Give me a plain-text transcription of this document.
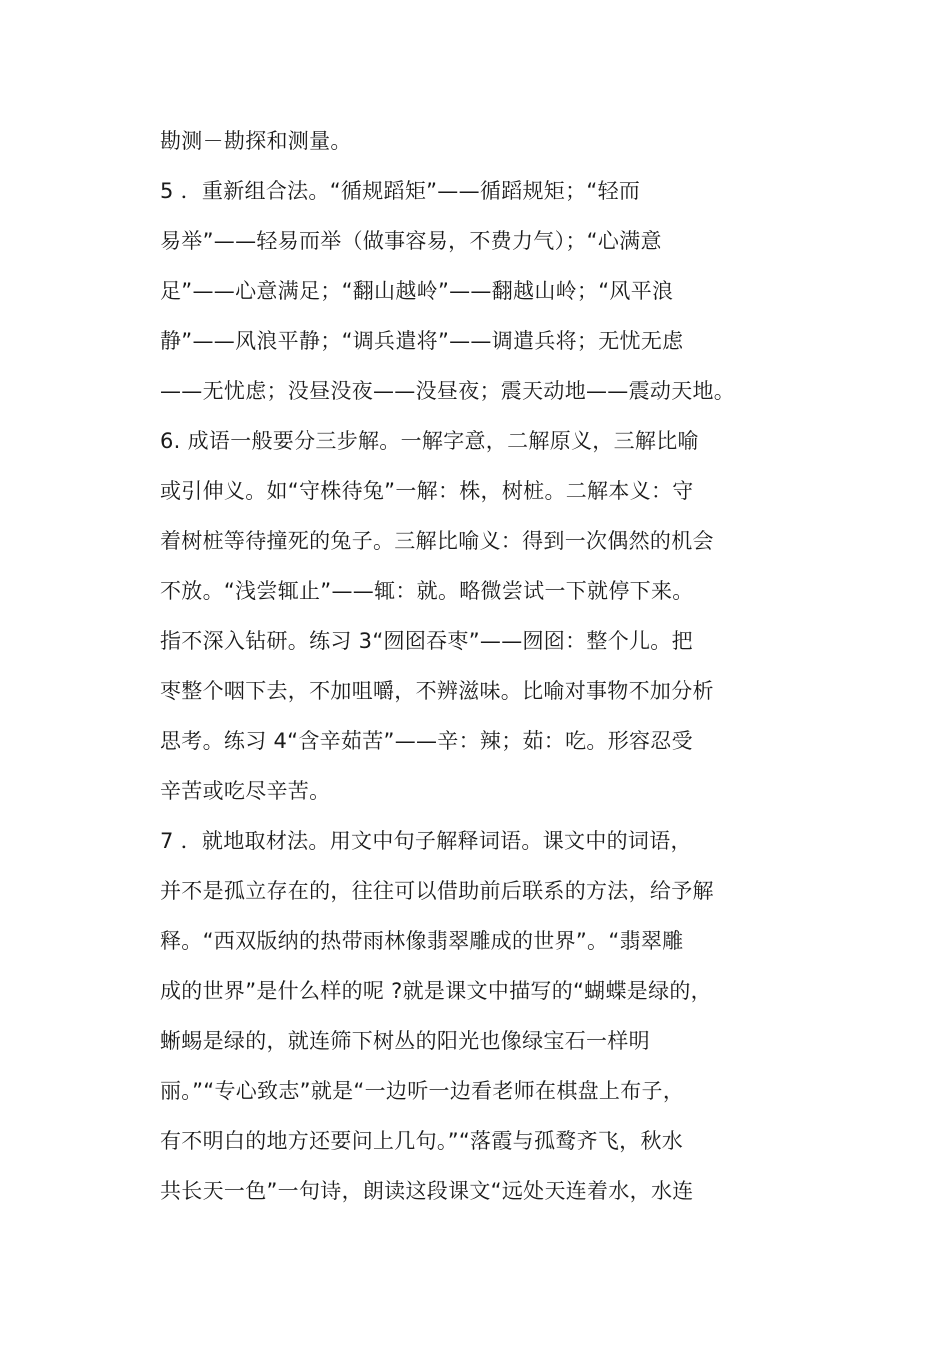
勘测－勘探和测量。
5 ．重新组合法。“循规蹈矩”——循蹈规矩；“轻而
易举”——轻易而举（做事容易，不费力气）；“心满意
足”——心意满足；“翻山越岭”——翻越山岭；“风平浪
静”——风浪平静；“调兵遣将”——调遣兵将；无忧无虑
——无忧虑；没昼没夜——没昼夜；震天动地——震动天地。
6. 成语一般要分三步解。一解字意，二解原义，三解比喻
或引伸义。如“守株待兔”一解：株，树桩。二解本义：守
着树桩等待撞死的兔子。三解比喻义：得到一次偶然的机会
不放。“浅尝辄止”——辄：就。略微尝试一下就停下来。
指不深入钻研。练习 3“囫囵吞枣”——囫囵：整个儿。把
枣整个咽下去，不加咀嚼，不辨滋味。比喻对事物不加分析
思考。练习 4“含辛茹苦”——辛：辣；茹：吃。形容忍受
辛苦或吃尽辛苦。
7 ．就地取材法。用文中句子解释词语。课文中的词语，
并不是孤立存在的，往往可以借助前后联系的方法，给予解
释。“西双版纳的热带雨林像翡翠雕成的世界”。“翡翠雕
成的世界”是什么样的呢 ?就是课文中描写的“蝴蝶是绿的，
蜥蜴是绿的，就连筛下树丛的阳光也像绿宝石一样明
丽。”“专心致志”就是“一边听一边看老师在棋盘上布子，
有不明白的地方还要问上几句。”“落霞与孤鹜齐飞，秋水
共长天一色”一句诗，朗读这段课文“远处天连着水，水连
